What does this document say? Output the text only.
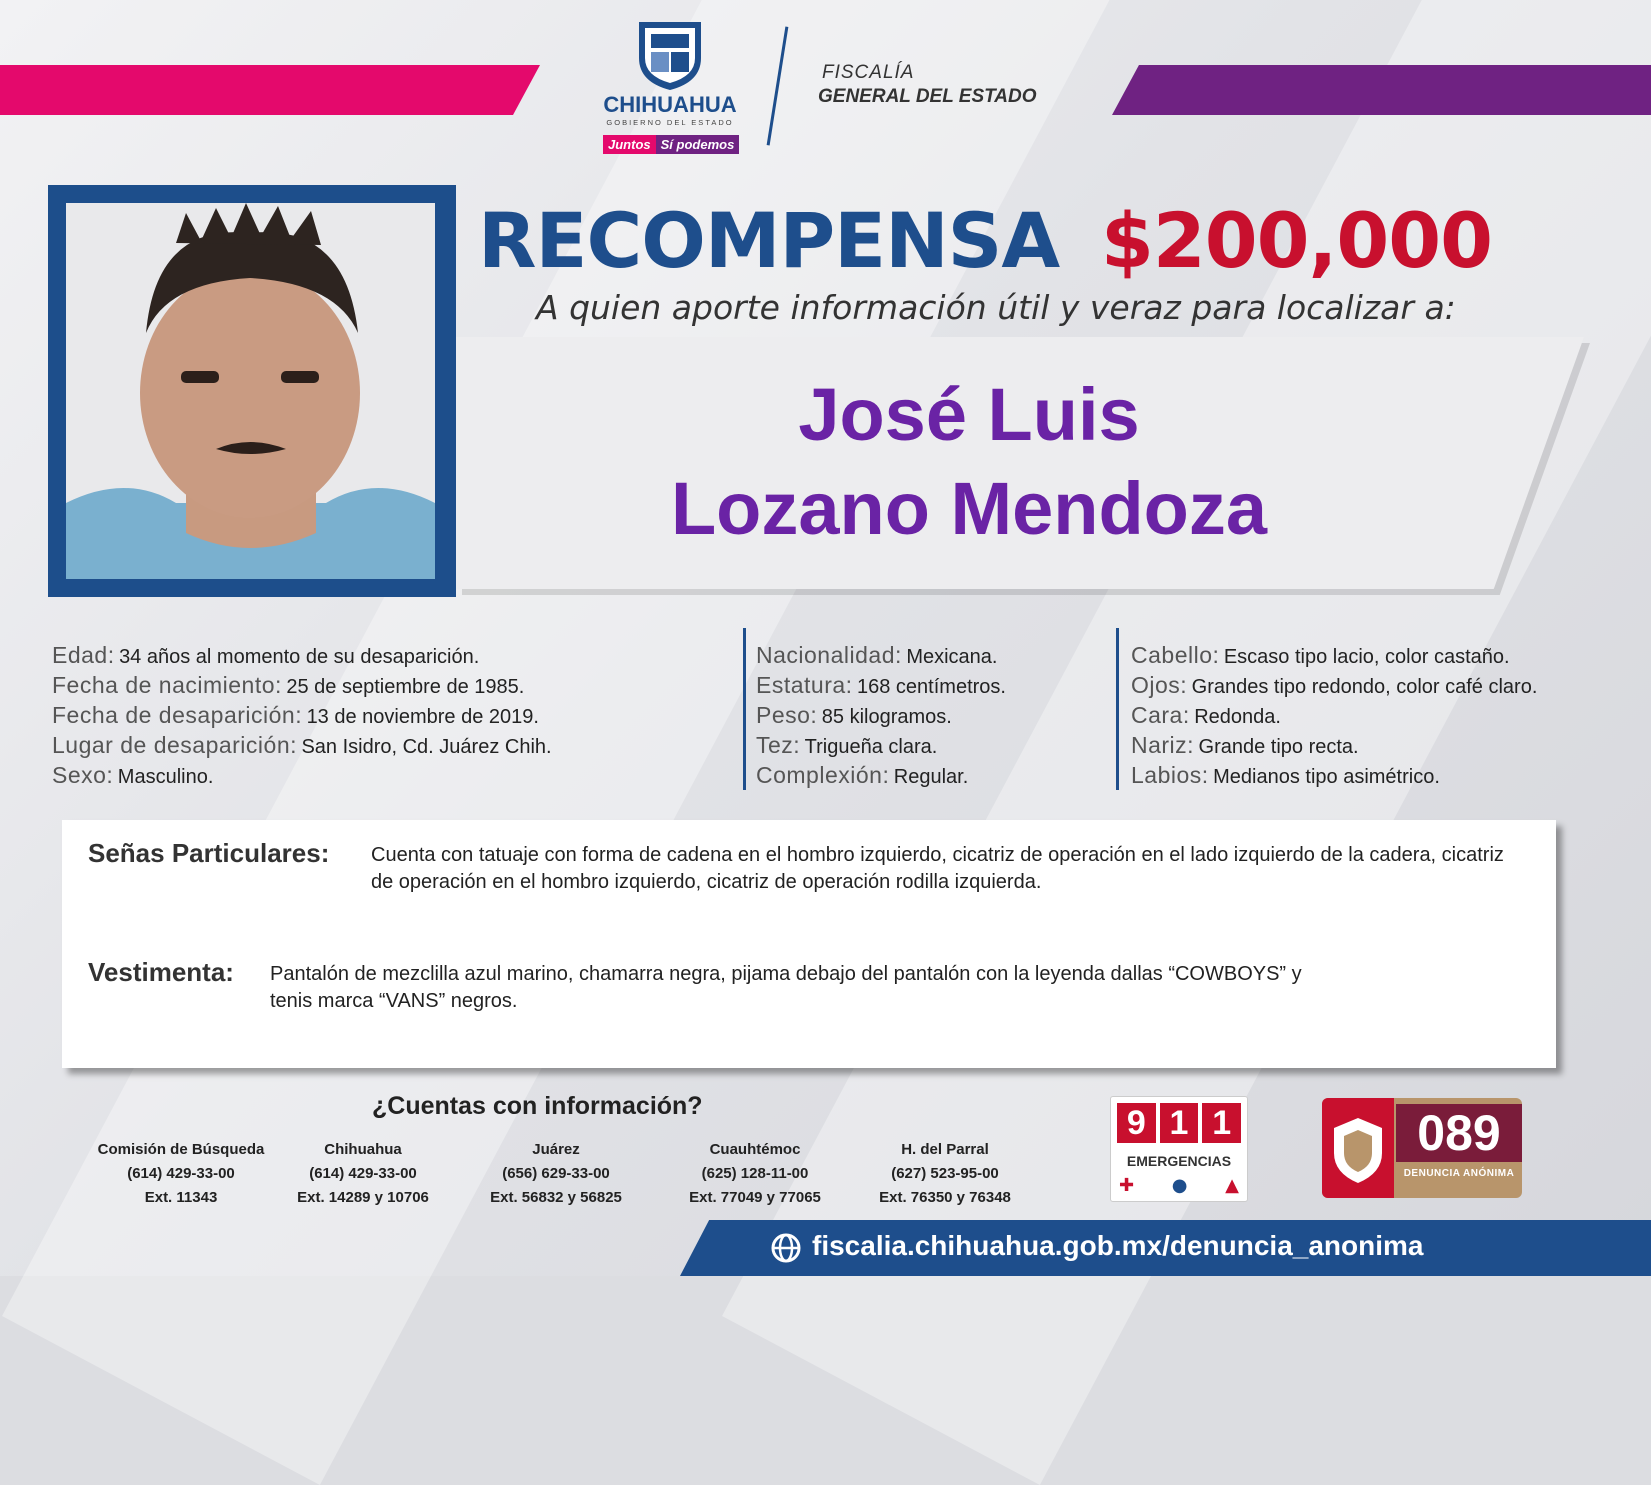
CHIHUAHUA
GOBIERNO DEL ESTADO
Juntos Sí podemos
FISCALÍA
GENERAL DEL ESTADO
RECOMPENSA $200,000
A quien aporte información útil y veraz para localizar a:
José Luis
Lozano Mendoza
Edad: 34 años al momento de su desaparición.
Fecha de nacimiento: 25 de septiembre de 1985.
Fecha de desaparición: 13 de noviembre de 2019.
Lugar de desaparición: San Isidro, Cd. Juárez Chih.
Sexo: Masculino.
Nacionalidad: Mexicana.
Estatura: 168 centímetros.
Peso: 85 kilogramos.
Tez: Trigueña clara.
Complexión: Regular.
Cabello: Escaso tipo lacio, color castaño.
Ojos: Grandes tipo redondo, color café claro.
Cara: Redonda.
Nariz: Grande tipo recta.
Labios: Medianos tipo asimétrico.
Señas Particulares: Cuenta con tatuaje con forma de cadena en el hombro izquierdo, cicatriz de operación en el lado izquierdo de la cadera, cicatriz de operación en el hombro izquierdo, cicatriz de operación rodilla izquierda.
Vestimenta: Pantalón de mezclilla azul marino, chamarra negra, pijama debajo del pantalón con la leyenda dallas “COWBOYS” y tenis marca “VANS” negros.
¿Cuentas con información?
Comisión de Búsqueda
(614) 429-33-00
Ext. 11343
Chihuahua
(614) 429-33-00
Ext. 14289 y 10706
Juárez
(656) 629-33-00
Ext. 56832 y 56825
Cuauhtémoc
(625) 128-11-00
Ext. 77049 y 77065
H. del Parral
(627) 523-95-00
Ext. 76350 y 76348
9 1 1
EMERGENCIAS
✚ ● ▲
089
DENUNCIA ANÓNIMA
fiscalia.chihuahua.gob.mx/denuncia_anonima
